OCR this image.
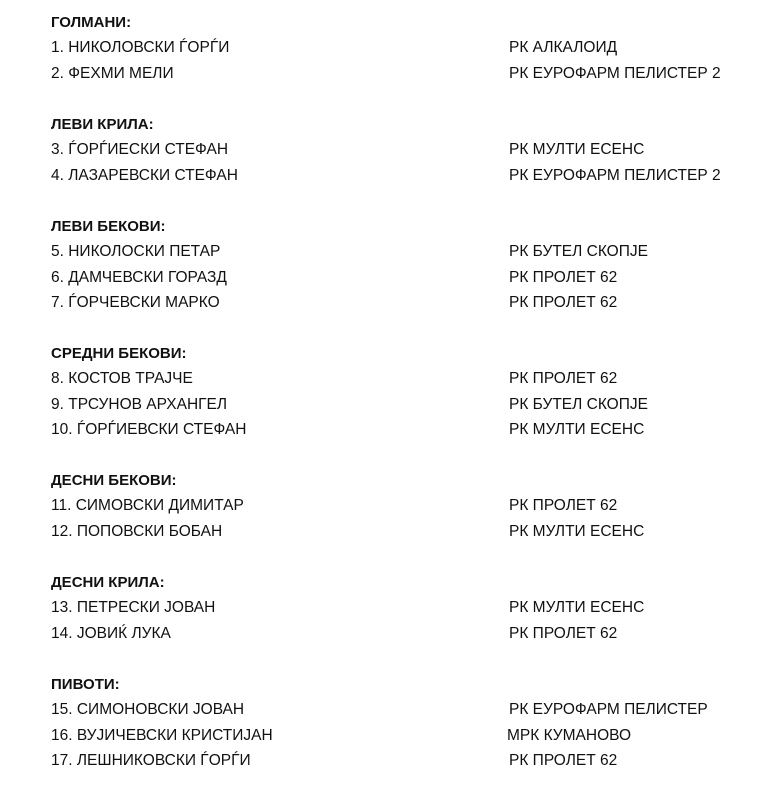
ГОЛМАНИ:
1. НИКОЛОВСКИ ЃОРЃИ	РК АЛКАЛОИД
2. ФЕХМИ МЕЛИ	РК ЕУРОФАРМ ПЕЛИСТЕР 2
ЛЕВИ КРИЛА:
3. ЃОРЃИЕСКИ СТЕФАН	РК МУЛТИ ЕСЕНС
4. ЛАЗАРЕВСКИ СТЕФАН	РК ЕУРОФАРМ ПЕЛИСТЕР 2
ЛЕВИ БЕКОВИ:
5. НИКОЛОСКИ ПЕТАР	РК БУТЕЛ СКОПЈЕ
6. ДАМЧЕВСКИ ГОРАЗД	РК ПРОЛЕТ 62
7. ЃОРЧЕВСКИ МАРКО	РК ПРОЛЕТ 62
СРЕДНИ БЕКОВИ:
8. КОСТОВ ТРАЈЧЕ	РК ПРОЛЕТ 62
9. ТРСУНОВ АРХАНГЕЛ	РК БУТЕЛ СКОПЈЕ
10. ЃОРЃИЕВСКИ СТЕФАН	РК МУЛТИ ЕСЕНС
ДЕСНИ БЕКОВИ:
11. СИМОВСКИ ДИМИТАР	РК ПРОЛЕТ 62
12. ПОПОВСКИ БОБАН	РК МУЛТИ ЕСЕНС
ДЕСНИ КРИЛА:
13. ПЕТРЕСКИ ЈОВАН	РК МУЛТИ ЕСЕНС
14. ЈОВИЌ ЛУКА	РК ПРОЛЕТ 62
ПИВОТИ:
15. СИМОНОВСКИ ЈОВАН	РК ЕУРОФАРМ ПЕЛИСТЕР
16. ВУЈИЧЕВСКИ КРИСТИЈАН	МРК КУМАНОВО
17. ЛЕШНИКОВСКИ ЃОРЃИ	РК ПРОЛЕТ 62
